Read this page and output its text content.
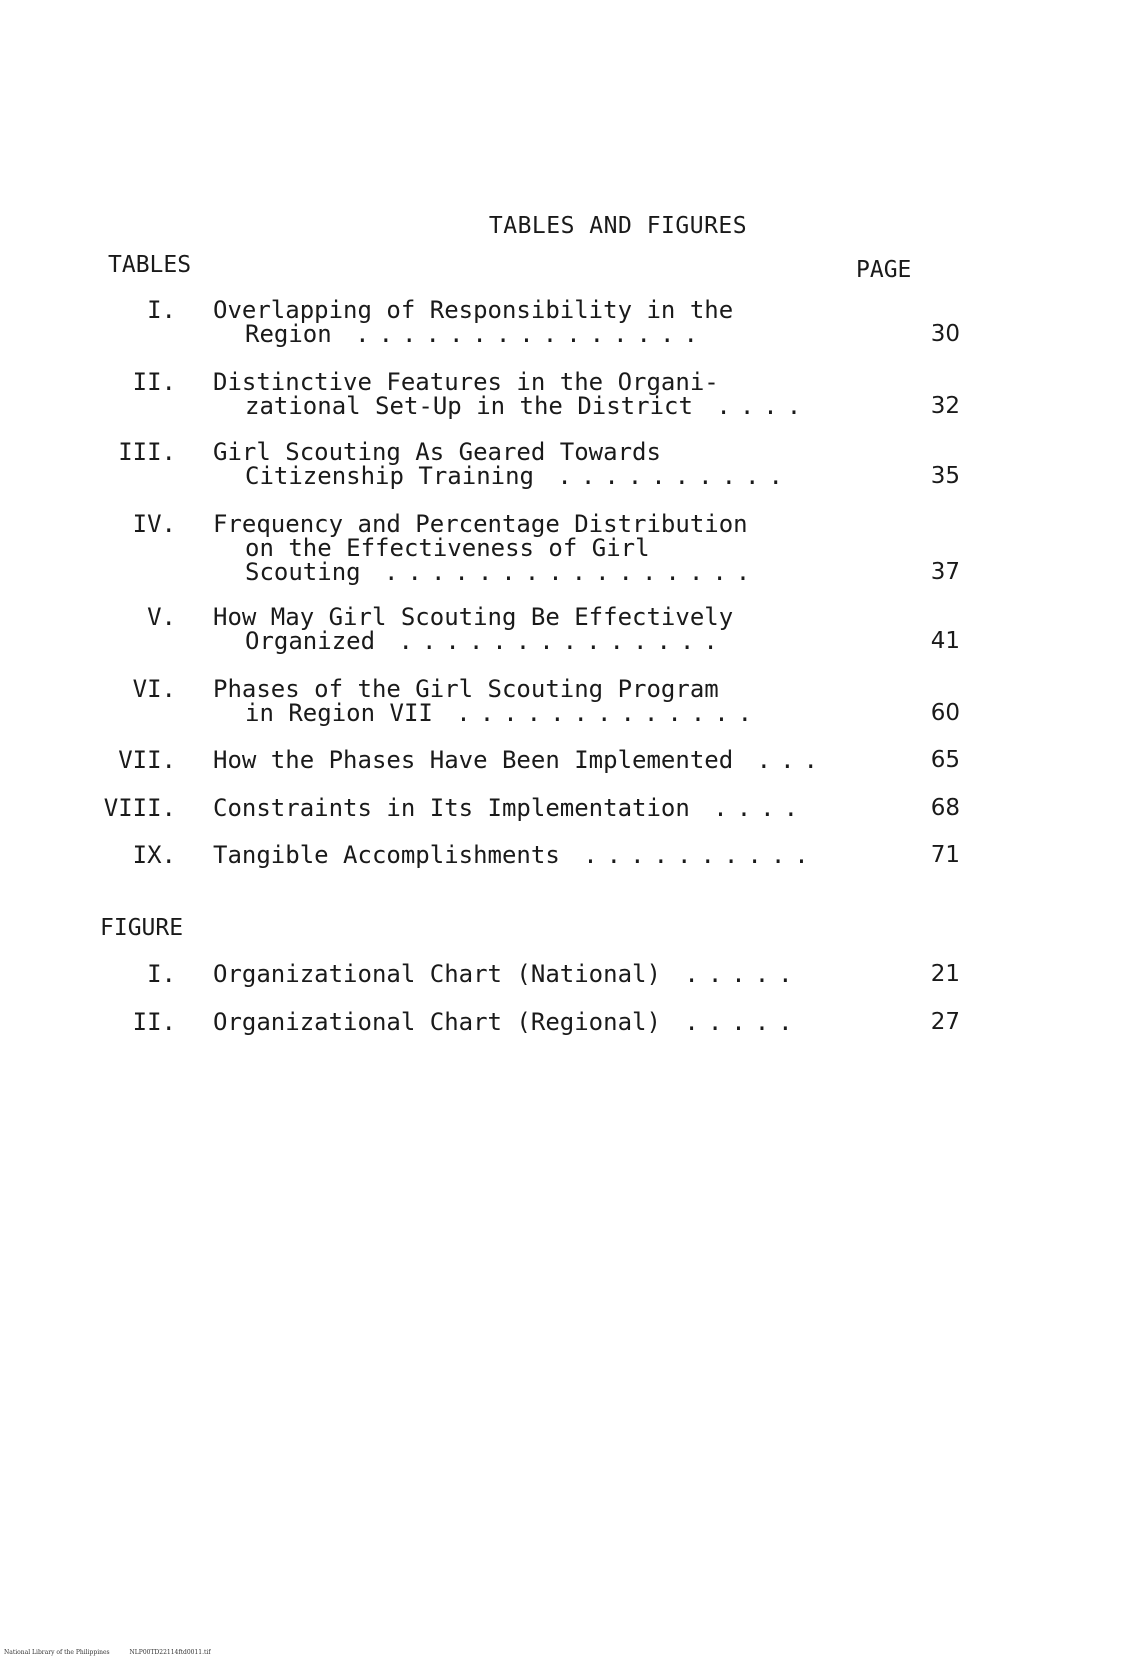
TABLES AND FIGURES
TABLES	PAGE
I. Overlapping of Responsibility in the
Region ...............	30
II. Distinctive Features in the Organi-
zational Set-Up in the District ....	32
III. Girl Scouting As Geared Towards
Citizenship Training ..........	35
IV. Frequency and Percentage Distribution
on the Effectiveness of Girl
Scouting ................	37
V. How May Girl Scouting Be Effectively
Organized ..............	41
VI. Phases of the Girl Scouting Program
in Region VII .............	60
VII. How the Phases Have Been Implemented ...	65
VIII. Constraints in Its Implementation ....	68
IX. Tangible Accomplishments ..........	71
FIGURE
I. Organizational Chart (National) .....	21
II. Organizational Chart (Regional) .....	27
National Library of the Philippines	NLP00TD22114ftd0011.tif
